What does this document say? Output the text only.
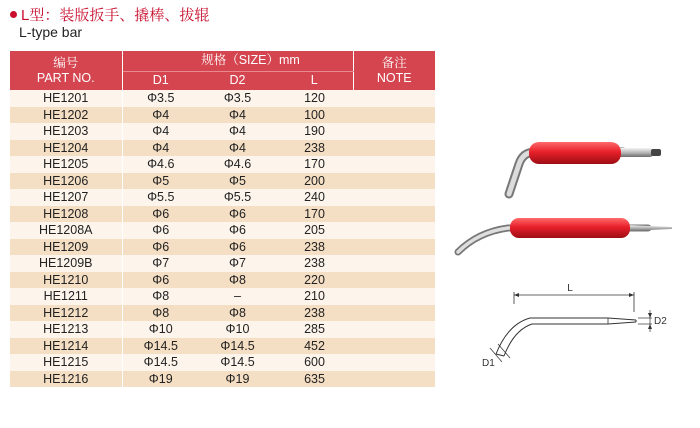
L型：装版扳手、撬棒、拔辊
L-type bar
编号
PART NO.	规格（SIZE）mm			备注
NOTE
	D1	D2	L	
HE1201	Φ3.5	Φ3.5	120	
HE1202	Φ4	Φ4	100	
HE1203	Φ4	Φ4	190	
HE1204	Φ4	Φ4	238	
HE1205	Φ4.6	Φ4.6	170	
HE1206	Φ5	Φ5	200	
HE1207	Φ5.5	Φ5.5	240	
HE1208	Φ6	Φ6	170	
HE1208A	Φ6	Φ6	205	
HE1209	Φ6	Φ6	238	
HE1209B	Φ7	Φ7	238	
HE1210	Φ6	Φ8	220	
HE1211	Φ8	–	210	
HE1212	Φ8	Φ8	238	
HE1213	Φ10	Φ10	285	
HE1214	Φ14.5	Φ14.5	452	
HE1215	Φ14.5	Φ14.5	600	
HE1216	Φ19	Φ19	635	
L
D2
D1
